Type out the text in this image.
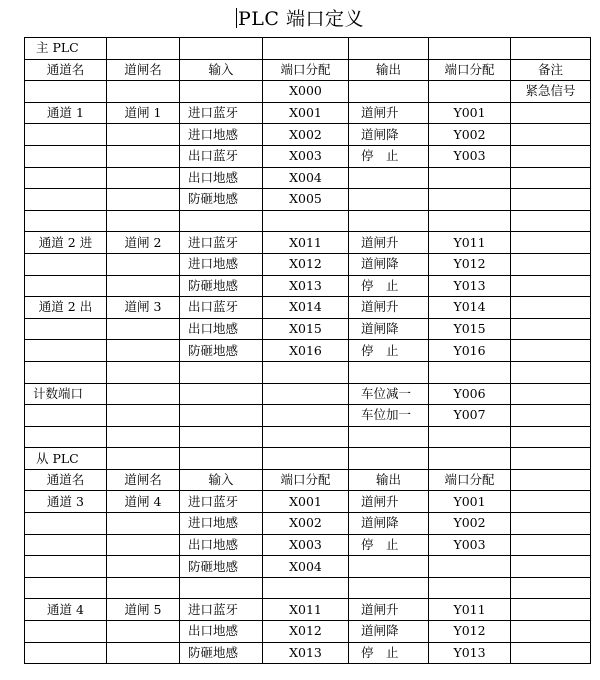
PLC 端口定义
主 PLC						
通道名	道闸名	输入	端口分配	输出	端口分配	备注
			X000			紧急信号
通道 1	道闸 1	进口蓝牙	X001	道闸升	Y001	
		进口地感	X002	道闸降	Y002	
		出口蓝牙	X003	停　止	Y003	
		出口地感	X004			
		防砸地感	X005			

通道 2 进	道闸 2	进口蓝牙	X011	道闸升	Y011	
		进口地感	X012	道闸降	Y012	
		防砸地感	X013	停　止	Y013	
通道 2 出	道闸 3	出口蓝牙	X014	道闸升	Y014	
		出口地感	X015	道闸降	Y015	
		防砸地感	X016	停　止	Y016	

计数端口				车位减一	Y006	
				车位加一	Y007	

从 PLC						
通道名	道闸名	输入	端口分配	输出	端口分配	
通道 3	道闸 4	进口蓝牙	X001	道闸升	Y001	
		进口地感	X002	道闸降	Y002	
		出口地感	X003	停　止	Y003	
		防砸地感	X004			

通道 4	道闸 5	进口蓝牙	X011	道闸升	Y011	
		出口地感	X012	道闸降	Y012	
		防砸地感	X013	停　止	Y013	
